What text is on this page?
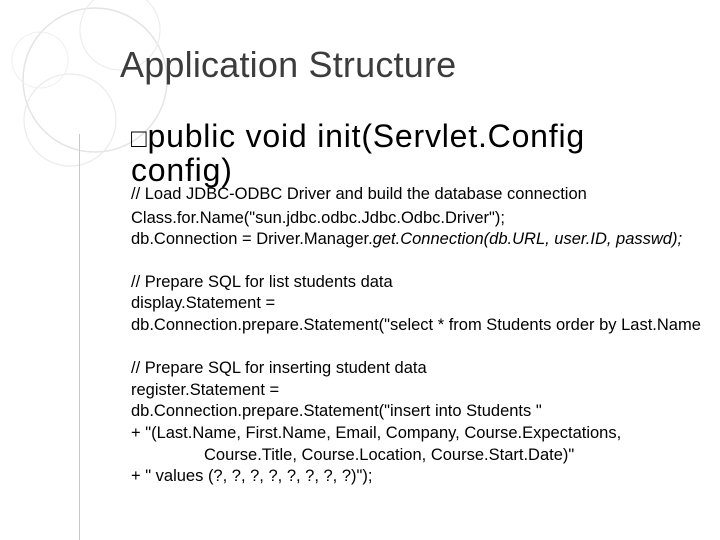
Application Structure
□public void init(Servlet.Config
config)
// Load JDBC-ODBC Driver and build the database connection
Class.for.Name("sun.jdbc.odbc.Jdbc.Odbc.Driver");
db.Connection = Driver.Manager.get.Connection(db.URL, user.ID, passwd);
// Prepare SQL for list students data
display.Statement =
db.Connection.prepare.Statement("select * from Students order by Last.Name
// Prepare SQL for inserting student data
register.Statement =
db.Connection.prepare.Statement("insert into Students "
+ "(Last.Name, First.Name, Email, Company, Course.Expectations,
Course.Title, Course.Location, Course.Start.Date)"
+ " values (?, ?, ?, ?, ?, ?, ?, ?)");
